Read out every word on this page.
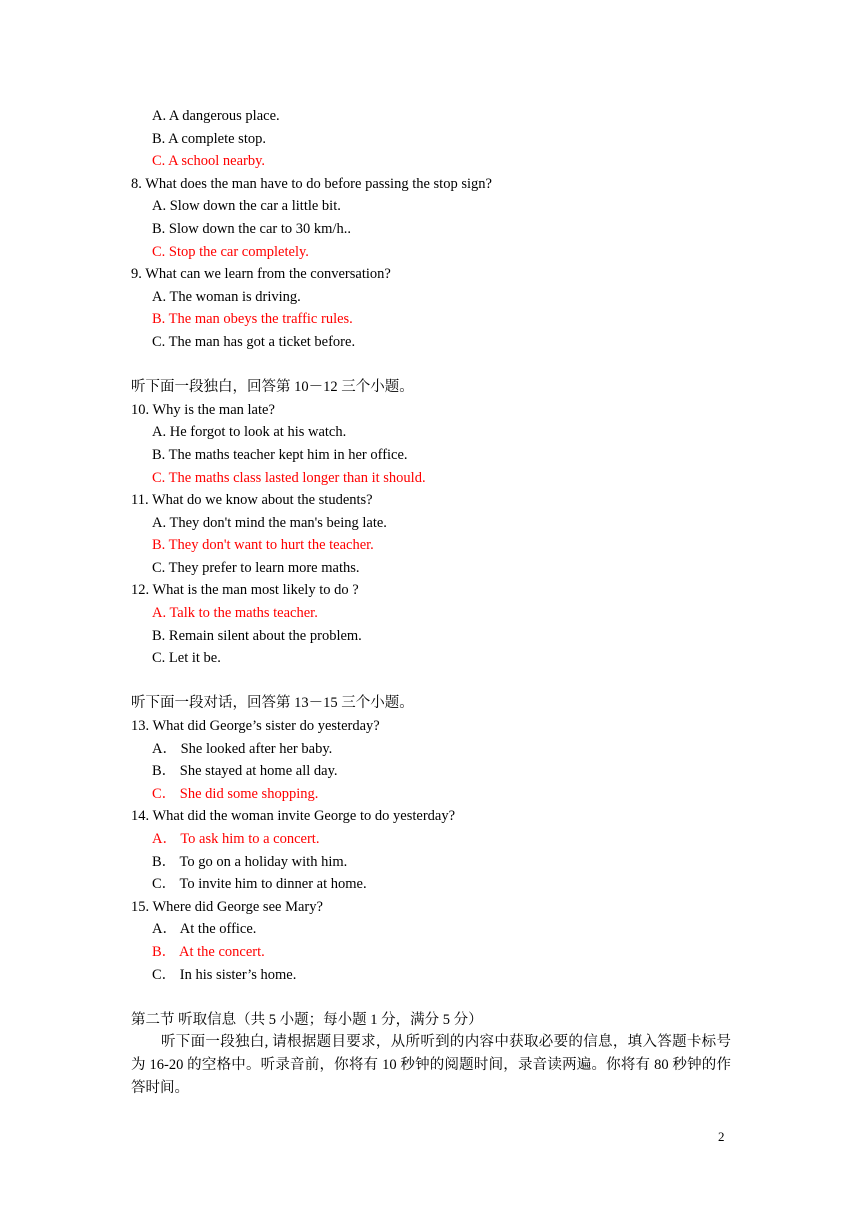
A. A dangerous place.
B. A complete stop.
C. A school nearby.
8. What does the man have to do before passing the stop sign?
A. Slow down the car a little bit.
B. Slow down the car to 30 km/h..
C. Stop the car completely.
9. What can we learn from the conversation?
A. The woman is driving.
B. The man obeys the traffic rules.
C. The man has got a ticket before.
听下面一段独白，回答第 10－12 三个小题。
10. Why is the man late?
A. He forgot to look at his watch.
B. The maths teacher kept him in her office.
C. The maths class lasted longer than it should.
11. What do we know about the students?
A. They don't mind the man's being late.
B. They don't want to hurt the teacher.
C. They prefer to learn more maths.
12. What is the man most likely to do ?
A. Talk to the maths teacher.
B. Remain silent about the problem.
C. Let it be.
听下面一段对话，回答第 13－15 三个小题。
13. What did George’s sister do yesterday?
A． She looked after her baby.
B． She stayed at home all day.
C． She did some shopping.
14. What did the woman invite George to do yesterday?
A． To ask him to a concert.
B． To go on a holiday with him.
C． To invite him to dinner at home.
15. Where did George see Mary?
A． At the office.
B． At the concert.
C． In his sister’s home.
第二节 听取信息（共 5 小题；每小题 1 分，满分 5 分）
听下面一段独白, 请根据题目要求，从所听到的内容中获取必要的信息，填入答题卡标号为 16-20 的空格中。听录音前，你将有 10 秒钟的阅题时间，录音读两遍。你将有 80 秒钟的作答时间。
2
